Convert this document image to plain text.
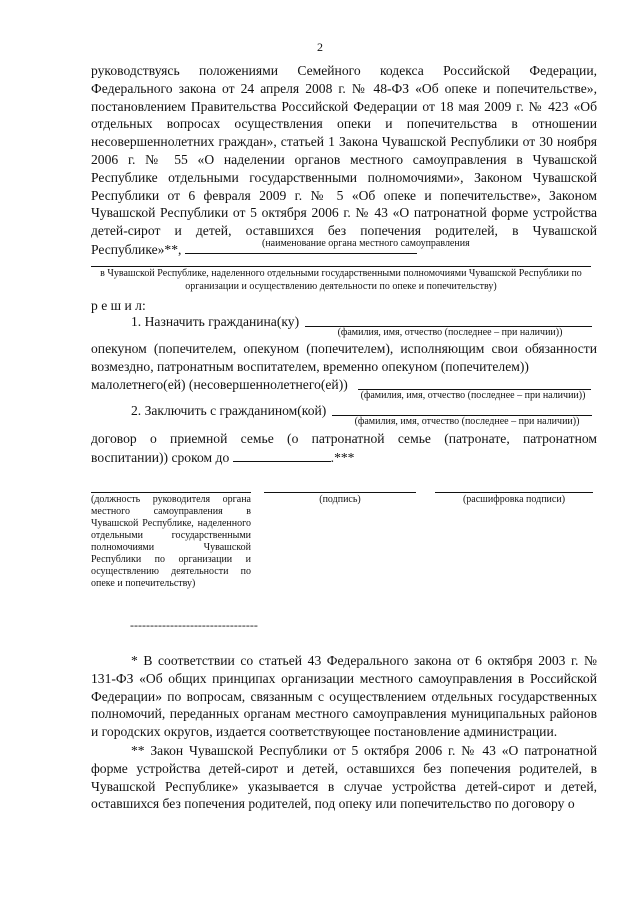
2

руководствуясь положениями Семейного кодекса Российской Федерации, Федерального закона от 24 апреля 2008 г. № 48-ФЗ «Об опеке и попечительстве», постановлением Правительства Российской Федерации от 18 мая 2009 г. № 423 «Об отдельных вопросах осуществления опеки и попечительства в отношении несовершеннолетних граждан», статьей 1 Закона Чувашской Республики от 30 ноября 2006 г. № 55 «О наделении органов местного самоуправления в Чувашской Республике отдельными государственными полномочиями», Законом Чувашской Республики от 6 февраля 2009 г. № 5 «Об опеке и попечительстве», Законом Чувашской Республики от 5 октября 2006 г. № 43 «О патронатной форме устройства детей-сирот и детей, оставшихся без попечения родителей, в Чувашской Республике»**,	(наименование органа местного самоуправления
в Чувашской Республике, наделенного отдельными государственными полномочиями Чувашской Республики по организации и осуществлению деятельности по опеке и попечительству)
р е ш и л:
1. Назначить гражданина(ку)
(фамилия, имя, отчество (последнее – при наличии))

опекуном (попечителем, опекуном (попечителем), исполняющим свои обязанности возмездно, патронатным воспитателем, временно опекуном (попечителем))

малолетнего(ей) (несовершеннолетнего(ей))
(фамилия, имя, отчество (последнее – при наличии))
2. Заключить с гражданином(кой)
(фамилия, имя, отчество (последнее – при наличии))

договор о приемной семье (о патронатной семье (патронате, патронатном воспитании)) сроком до	.***

(должность руководителя органа местного самоуправления в Чувашской Республике, наделенного отдельными государственными полномочиями Чувашской Республики по организации и осуществлению деятельности по опеке и попечительству)
(подпись)	(расшифровка подписи)
--------------------------------

* В соответствии со статьей 43 Федерального закона от 6 октября 2003 г. № 131-ФЗ «Об общих принципах организации местного самоуправления в Российской Федерации» по вопросам, связанным с осуществлением отдельных государственных полномочий, переданных органам местного самоуправления муниципальных районов и городских округов, издается соответствующее постановление администрации.

** Закон Чувашской Республики от 5 октября 2006 г. № 43 «О патронатной форме устройства детей-сирот и детей, оставшихся без попечения родителей, в Чувашской Республике» указывается в случае устройства детей-сирот и детей, оставшихся без попечения родителей, под опеку или попечительство по договору о
